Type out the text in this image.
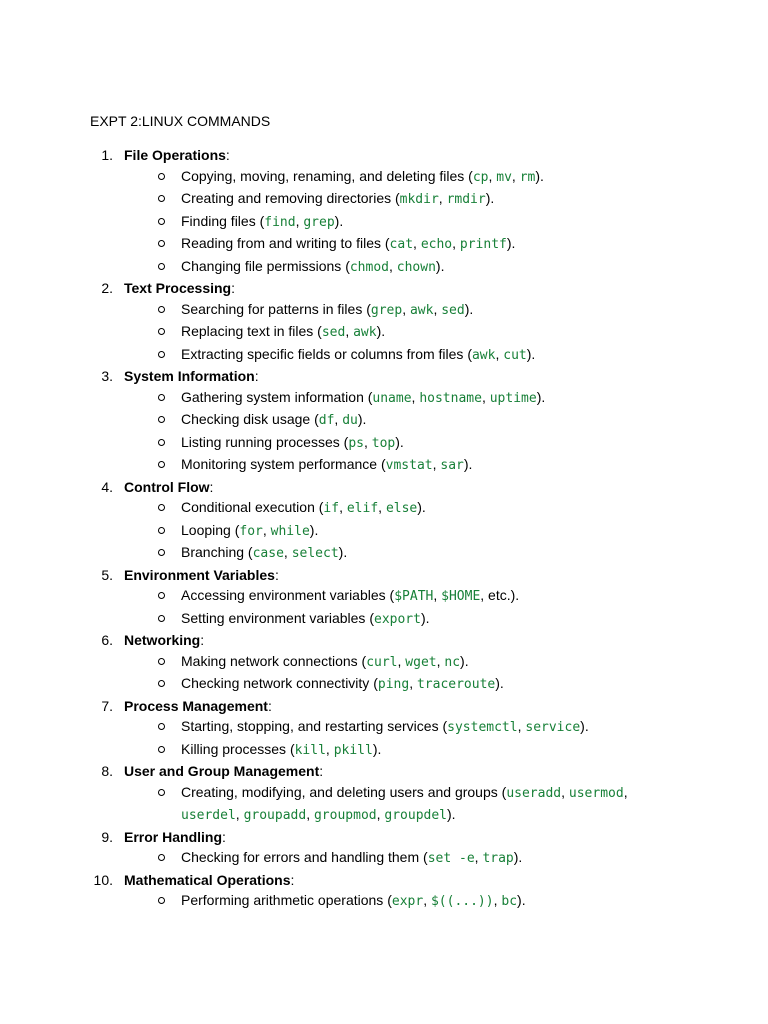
EXPT 2:LINUX COMMANDS
1. File Operations :
Copying, moving, renaming, and deleting files (cp, mv, rm).
Creating and removing directories (mkdir, rmdir).
Finding files (find, grep).
Reading from and writing to files (cat, echo, printf).
Changing file permissions (chmod, chown).
2. Text Processing :
Searching for patterns in files (grep, awk, sed).
Replacing text in files (sed, awk).
Extracting specific fields or columns from files (awk, cut).
3. System Information :
Gathering system information (uname, hostname, uptime).
Checking disk usage (df, du).
Listing running processes (ps, top).
Monitoring system performance (vmstat, sar).
4. Control Flow :
Conditional execution (if, elif, else).
Looping (for, while).
Branching (case, select).
5. Environment Variables :
Accessing environment variables ($PATH, $HOME, etc.).
Setting environment variables (export).
6. Networking :
Making network connections (curl, wget, nc).
Checking network connectivity (ping, traceroute).
7. Process Management :
Starting, stopping, and restarting services (systemctl, service).
Killing processes (kill, pkill).
8. User and Group Management :
Creating, modifying, and deleting users and groups (useradd, usermod, userdel, groupadd, groupmod, groupdel).
9. Error Handling :
Checking for errors and handling them (set -e, trap).
10. Mathematical Operations :
Performing arithmetic operations (expr, $((...)), bc).
